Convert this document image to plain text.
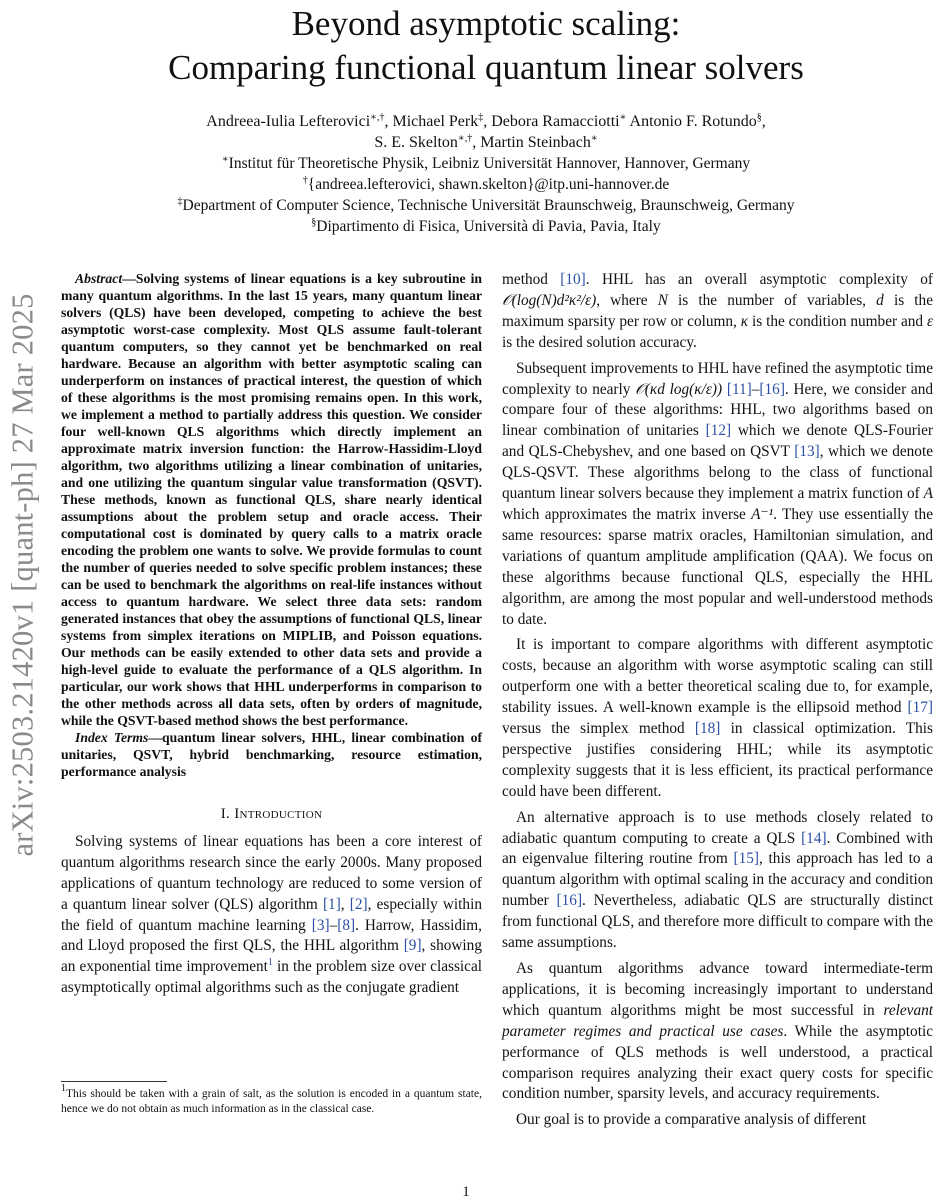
arXiv:2503.21420v1 [quant-ph] 27 Mar 2025
Beyond asymptotic scaling:
Comparing functional quantum linear solvers
Andreea-Iulia Lefterovici∗,†, Michael Perk‡, Debora Ramacciotti∗ Antonio F. Rotundo§,
S. E. Skelton∗,†, Martin Steinbach∗
∗Institut für Theoretische Physik, Leibniz Universität Hannover, Hannover, Germany
†{andreea.lefterovici, shawn.skelton}@itp.uni-hannover.de
‡Department of Computer Science, Technische Universität Braunschweig, Braunschweig, Germany
§Dipartimento di Fisica, Università di Pavia, Pavia, Italy

Abstract—Solving systems of linear equations is a key subroutine in many quantum algorithms. In the last 15 years, many quantum linear solvers (QLS) have been developed, competing to achieve the best asymptotic worst-case complexity. Most QLS assume fault-tolerant quantum computers, so they cannot yet be benchmarked on real hardware. Because an algorithm with better asymptotic scaling can underperform on instances of practical interest, the question of which of these algorithms is the most promising remains open. In this work, we implement a method to partially address this question. We consider four well-known QLS algorithms which directly implement an approximate matrix inversion function: the Harrow-Hassidim-Lloyd algorithm, two algorithms utilizing a linear combination of unitaries, and one utilizing the quantum singular value transformation (QSVT). These methods, known as functional QLS, share nearly identical assumptions about the problem setup and oracle access. Their computational cost is dominated by query calls to a matrix oracle encoding the problem one wants to solve. We provide formulas to count the number of queries needed to solve specific problem instances; these can be used to benchmark the algorithms on real-life instances without access to quantum hardware. We select three data sets: random generated instances that obey the assumptions of functional QLS, linear systems from simplex iterations on MIPLIB, and Poisson equations. Our methods can be easily extended to other data sets and provide a high-level guide to evaluate the performance of a QLS algorithm. In particular, our work shows that HHL underperforms in comparison to the other methods across all data sets, often by orders of magnitude, while the QSVT-based method shows the best performance.

Index Terms—quantum linear solvers, HHL, linear combination of unitaries, QSVT, hybrid benchmarking, resource estimation, performance analysis

I. Introduction

Solving systems of linear equations has been a core interest of quantum algorithms research since the early 2000s. Many proposed applications of quantum technology are reduced to some version of a quantum linear solver (QLS) algorithm [1], [2], especially within the field of quantum machine learning [3]–[8]. Harrow, Hassidim, and Lloyd proposed the first QLS, the HHL algorithm [9], showing an exponential time improvement$^1$ in the problem size over classical asymptotically optimal algorithms such as the conjugate gradient

$^1$This should be taken with a grain of salt, as the solution is encoded in a quantum state, hence we do not obtain as much information as in the classical case.

method [10]. HHL has an overall asymptotic complexity of 𝒪(log(N)d²κ²/ε), where N is the number of variables, d is the maximum sparsity per row or column, κ is the condition number and ε is the desired solution accuracy.

Subsequent improvements to HHL have refined the asymptotic time complexity to nearly 𝒪(κd log(κ/ε)) [11]–[16]. Here, we consider and compare four of these algorithms: HHL, two algorithms based on linear combination of unitaries [12] which we denote QLS-Fourier and QLS-Chebyshev, and one based on QSVT [13], which we denote QLS-QSVT. These algorithms belong to the class of functional quantum linear solvers because they implement a matrix function of A which approximates the matrix inverse A⁻¹. They use essentially the same resources: sparse matrix oracles, Hamiltonian simulation, and variations of quantum amplitude amplification (QAA). We focus on these algorithms because functional QLS, especially the HHL algorithm, are among the most popular and well-understood methods to date.

It is important to compare algorithms with different asymptotic costs, because an algorithm with worse asymptotic scaling can still outperform one with a better theoretical scaling due to, for example, stability issues. A well-known example is the ellipsoid method [17] versus the simplex method [18] in classical optimization. This perspective justifies considering HHL; while its asymptotic complexity suggests that it is less efficient, its practical performance could have been different.

An alternative approach is to use methods closely related to adiabatic quantum computing to create a QLS [14]. Combined with an eigenvalue filtering routine from [15], this approach has led to a quantum algorithm with optimal scaling in the accuracy and condition number [16]. Nevertheless, adiabatic QLS are structurally distinct from functional QLS, and therefore more difficult to compare with the same assumptions.

As quantum algorithms advance toward intermediate-term applications, it is becoming increasingly important to understand which quantum algorithms might be most successful in relevant parameter regimes and practical use cases. While the asymptotic performance of QLS methods is well understood, a practical comparison requires analyzing their exact query costs for specific condition number, sparsity levels, and accuracy requirements.

Our goal is to provide a comparative analysis of different

1
